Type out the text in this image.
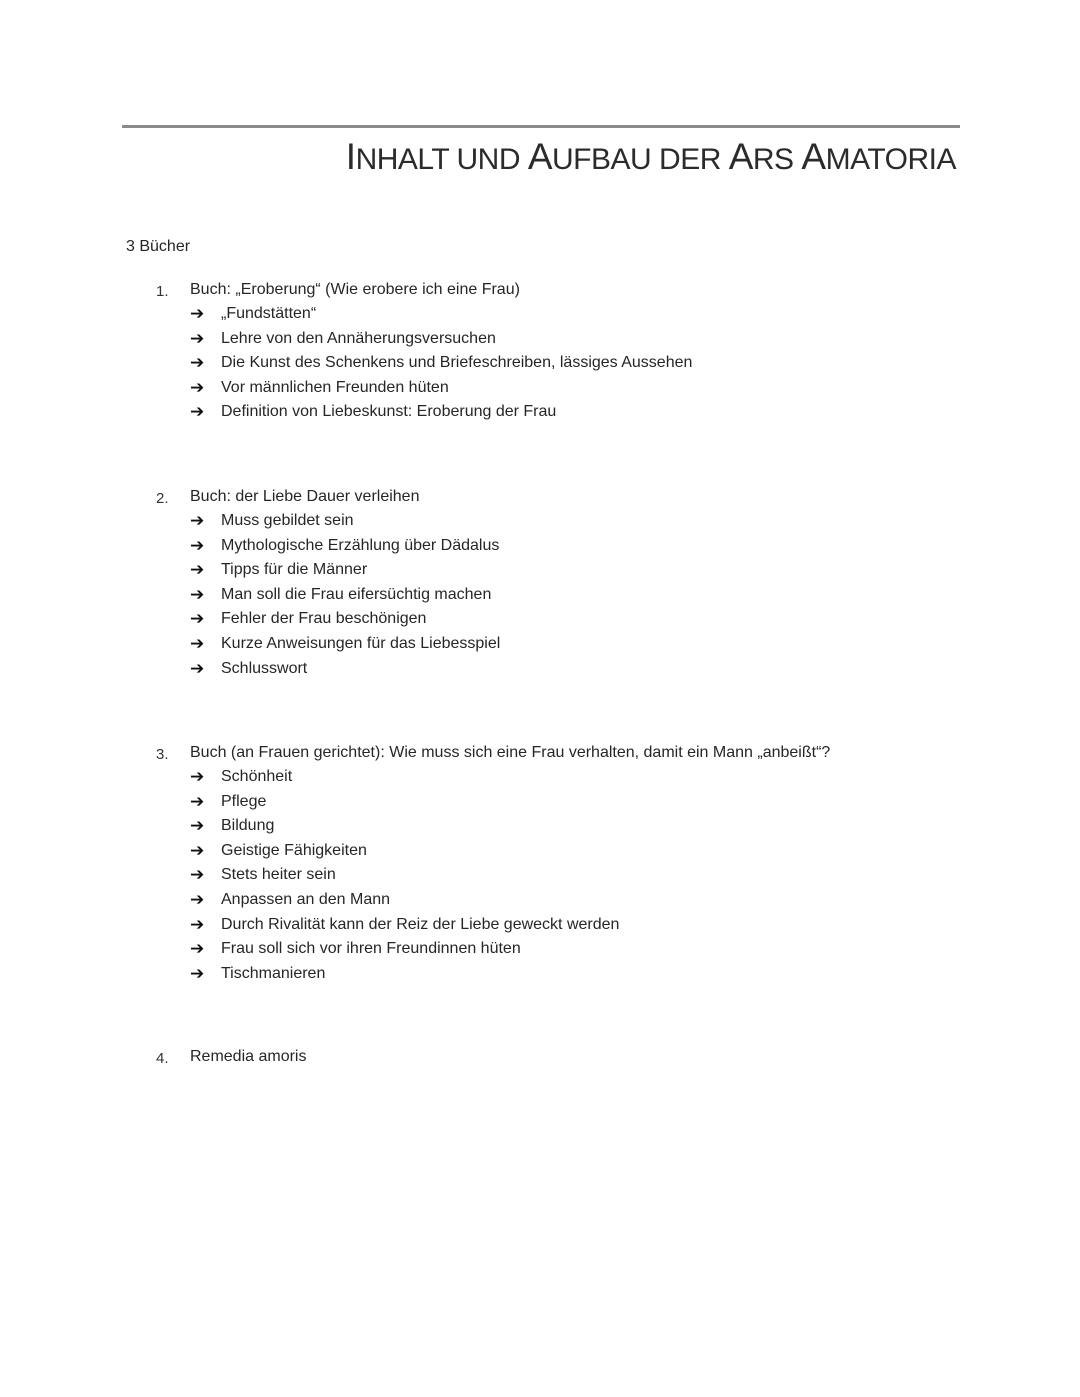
INHALT UND AUFBAU DER ARS AMATORIA
3 Bücher
1. Buch: „Eroberung“ (Wie erobere ich eine Frau)
➔ „Fundstätten“
➔ Lehre von den Annäherungsversuchen
➔ Die Kunst des Schenkens und Briefeschreiben, lässiges Aussehen
➔ Vor männlichen Freunden hüten
➔ Definition von Liebeskunst: Eroberung der Frau
2. Buch: der Liebe Dauer verleihen
➔ Muss gebildet sein
➔ Mythologische Erzählung über Dädalus
➔ Tipps für die Männer
➔ Man soll die Frau eifersüchtig machen
➔ Fehler der Frau beschönigen
➔ Kurze Anweisungen für das Liebesspiel
➔ Schlusswort
3. Buch (an Frauen gerichtet): Wie muss sich eine Frau verhalten, damit ein Mann „anbeißt“?
➔ Schönheit
➔ Pflege
➔ Bildung
➔ Geistige Fähigkeiten
➔ Stets heiter sein
➔ Anpassen an den Mann
➔ Durch Rivalität kann der Reiz der Liebe geweckt werden
➔ Frau soll sich vor ihren Freundinnen hüten
➔ Tischmanieren
4. Remedia amoris
